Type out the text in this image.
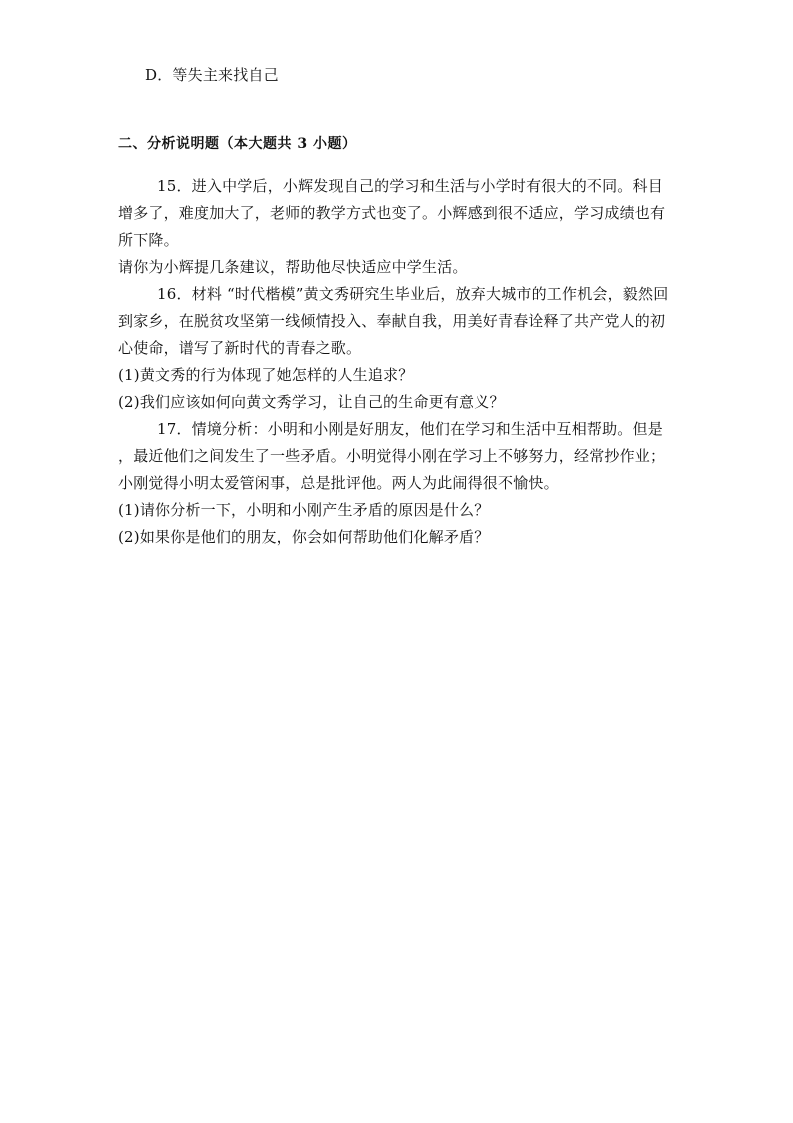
D．等失主来找自己
二、分析说明题（本大题共 3 小题）
15．进入中学后，小辉发现自己的学习和生活与小学时有很大的不同。科目
增多了，难度加大了，老师的教学方式也变了。小辉感到很不适应，学习成绩也有
所下降。
请你为小辉提几条建议，帮助他尽快适应中学生活。
16．材料 “时代楷模”黄文秀研究生毕业后，放弃大城市的工作机会，毅然回
到家乡，在脱贫攻坚第一线倾情投入、奉献自我，用美好青春诠释了共产党人的初
心使命，谱写了新时代的青春之歌。
(1)黄文秀的行为体现了她怎样的人生追求？
(2)我们应该如何向黄文秀学习，让自己的生命更有意义？
17．情境分析：小明和小刚是好朋友，他们在学习和生活中互相帮助。但是
，最近他们之间发生了一些矛盾。小明觉得小刚在学习上不够努力，经常抄作业；
小刚觉得小明太爱管闲事，总是批评他。两人为此闹得很不愉快。
(1)请你分析一下，小明和小刚产生矛盾的原因是什么？
(2)如果你是他们的朋友，你会如何帮助他们化解矛盾？
